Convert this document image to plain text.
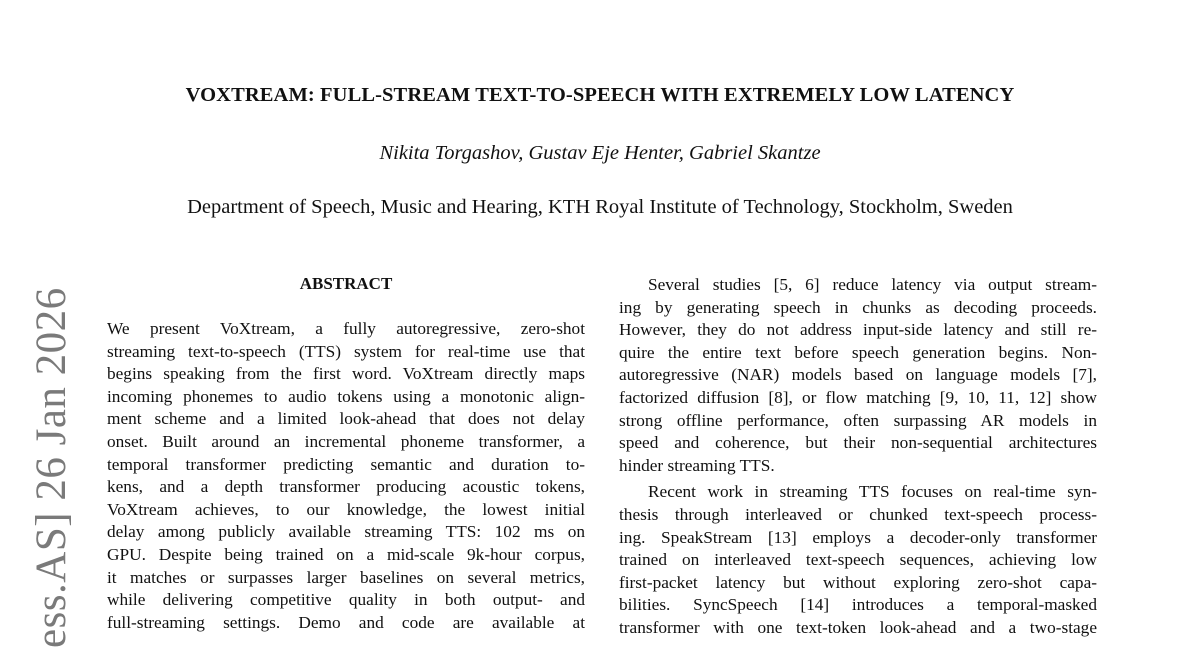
VOXTREAM: FULL-STREAM TEXT-TO-SPEECH WITH EXTREMELY LOW LATENCY
Nikita Torgashov, Gustav Eje Henter, Gabriel Skantze
Department of Speech, Music and Hearing, KTH Royal Institute of Technology, Stockholm, Sweden
ess.AS] 26 Jan 2026
ABSTRACT
We present VoXtream, a fully autoregressive, zero-shot
streaming text-to-speech (TTS) system for real-time use that
begins speaking from the first word. VoXtream directly maps
incoming phonemes to audio tokens using a monotonic align-
ment scheme and a limited look-ahead that does not delay
onset. Built around an incremental phoneme transformer, a
temporal transformer predicting semantic and duration to-
kens, and a depth transformer producing acoustic tokens,
VoXtream achieves, to our knowledge, the lowest initial
delay among publicly available streaming TTS: 102 ms on
GPU. Despite being trained on a mid-scale 9k-hour corpus,
it matches or surpasses larger baselines on several metrics,
while delivering competitive quality in both output- and
full-streaming settings. Demo and code are available at
Several studies [5, 6] reduce latency via output stream-
ing by generating speech in chunks as decoding proceeds.
However, they do not address input-side latency and still re-
quire the entire text before speech generation begins. Non-
autoregressive (NAR) models based on language models [7],
factorized diffusion [8], or flow matching [9, 10, 11, 12] show
strong offline performance, often surpassing AR models in
speed and coherence, but their non-sequential architectures
hinder streaming TTS.
Recent work in streaming TTS focuses on real-time syn-
thesis through interleaved or chunked text-speech process-
ing. SpeakStream [13] employs a decoder-only transformer
trained on interleaved text-speech sequences, achieving low
first-packet latency but without exploring zero-shot capa-
bilities. SyncSpeech [14] introduces a temporal-masked
transformer with one text-token look-ahead and a two-stage
